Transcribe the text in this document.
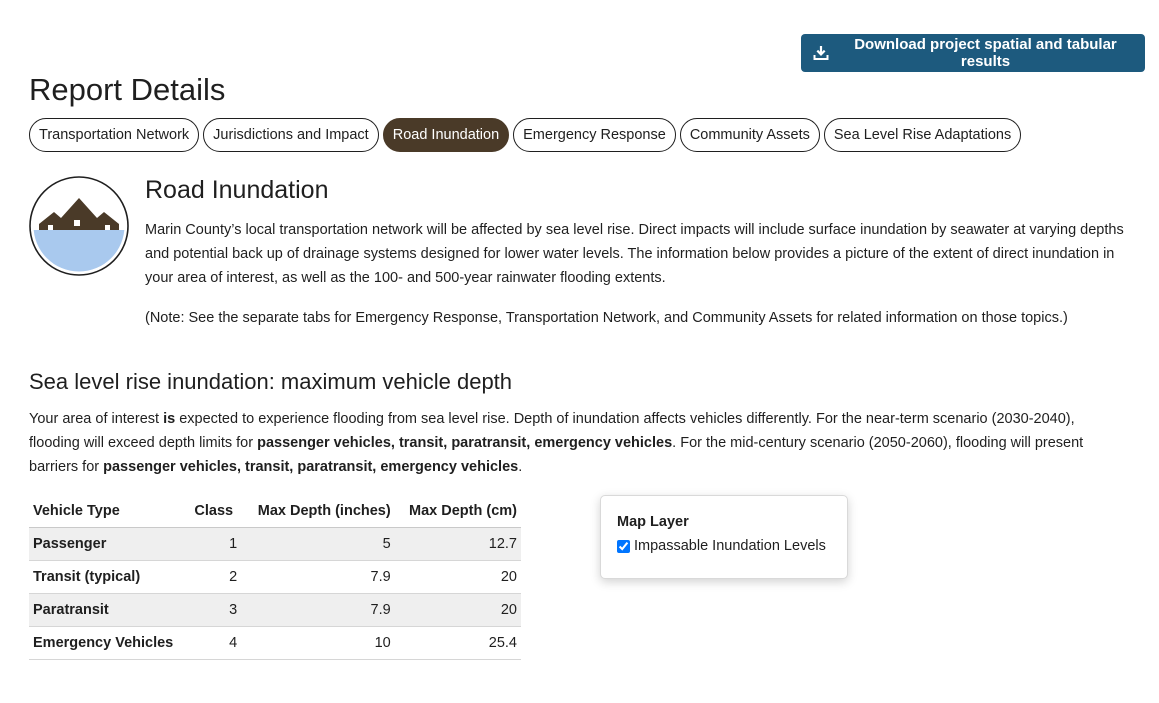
Download project spatial and tabular results
Report Details
Transportation Network	Jurisdictions and Impact	Road Inundation	Emergency Response	Community Assets	Sea Level Rise Adaptations
Road Inundation

Marin County’s local transportation network will be affected by sea level rise. Direct impacts will include surface inundation by seawater at varying depths and potential back up of drainage systems designed for lower water levels. The information below provides a picture of the extent of direct inundation in your area of interest, as well as the 100- and 500-year rainwater flooding extents.

(Note: See the separate tabs for Emergency Response, Transportation Network, and Community Assets for related information on those topics.)

Sea level rise inundation: maximum vehicle depth

Your area of interest is expected to experience flooding from sea level rise. Depth of inundation affects vehicles differently. For the near-term scenario (2030-2040), flooding will exceed depth limits for passenger vehicles, transit, paratransit, emergency vehicles. For the mid-century scenario (2050-2060), flooding will present barriers for passenger vehicles, transit, paratransit, emergency vehicles.

Vehicle Type	Class	Max Depth (inches)	Max Depth (cm)
Passenger	1	5	12.7
Transit (typical)	2	7.9	20
Paratransit	3	7.9	20
Emergency Vehicles	4	10	25.4
Map Layer
Impassable Inundation Levels
